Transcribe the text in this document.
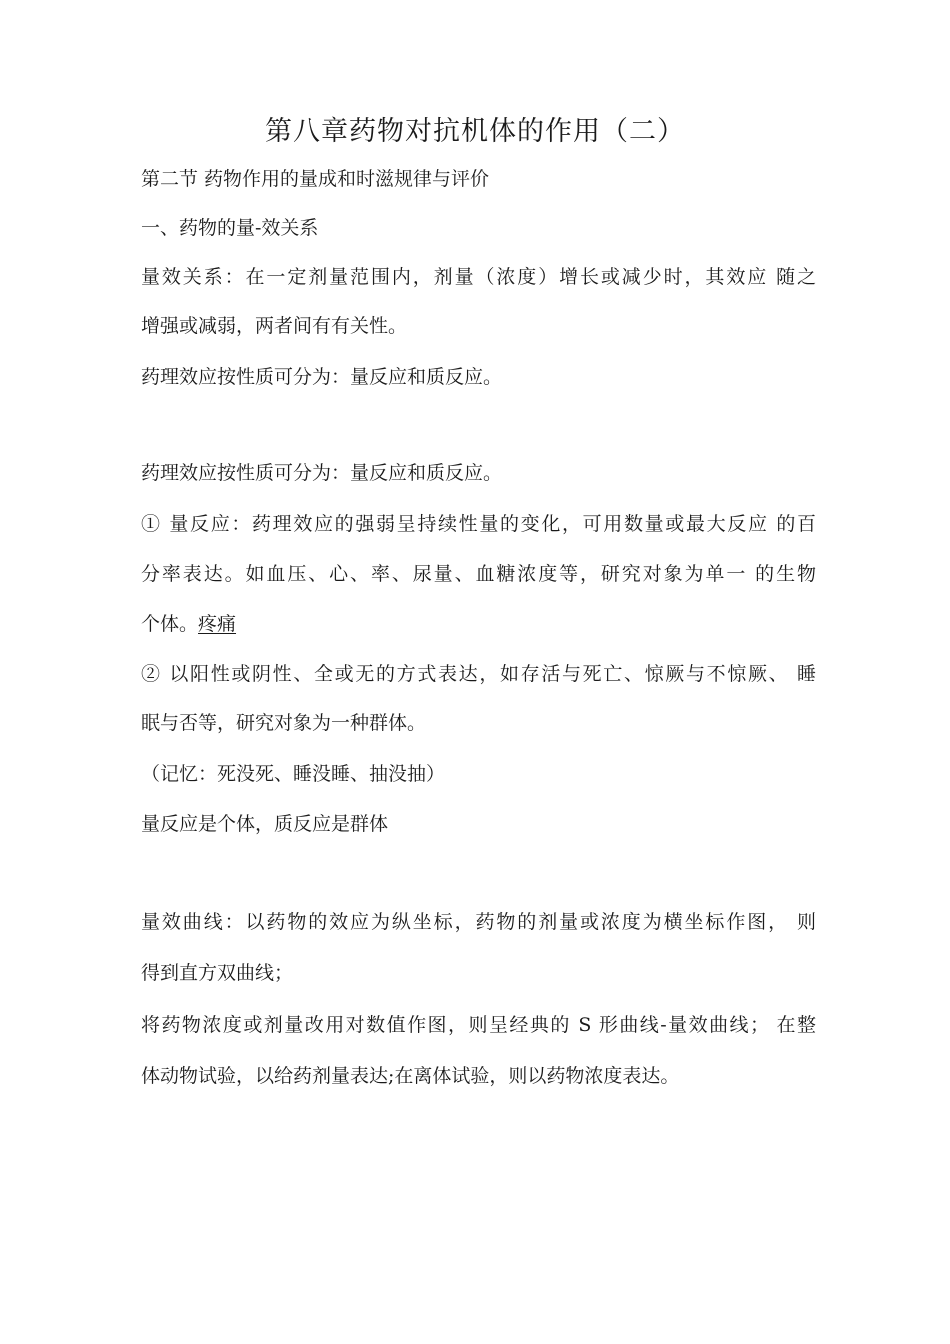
第八章药物对抗机体的作用（二）
第二节 药物作用的量成和时滋规律与评价
一、药物的量-效关系
量效关系：在一定剂量范围内，剂量（浓度）增长或减少时，其效应 随之
增强或减弱，两者间有有关性。
药理效应按性质可分为：量反应和质反应。
药理效应按性质可分为：量反应和质反应。
① 量反应：药理效应的强弱呈持续性量的变化，可用数量或最大反应 的百
分率表达。如血压、心、率、尿量、血糖浓度等，研究对象为单一 的生物
个体。疼痛
② 以阳性或阴性、全或无的方式表达，如存活与死亡、惊厥与不惊厥、 睡
眠与否等，研究对象为一种群体。
（记忆：死没死、睡没睡、抽没抽）
量反应是个体，质反应是群体
量效曲线：以药物的效应为纵坐标，药物的剂量或浓度为横坐标作图， 则
得到直方双曲线；
将药物浓度或剂量改用对数值作图，则呈经典的 S 形曲线-量效曲线； 在整
体动物试验，以给药剂量表达;在离体试验，则以药物浓度表达。
